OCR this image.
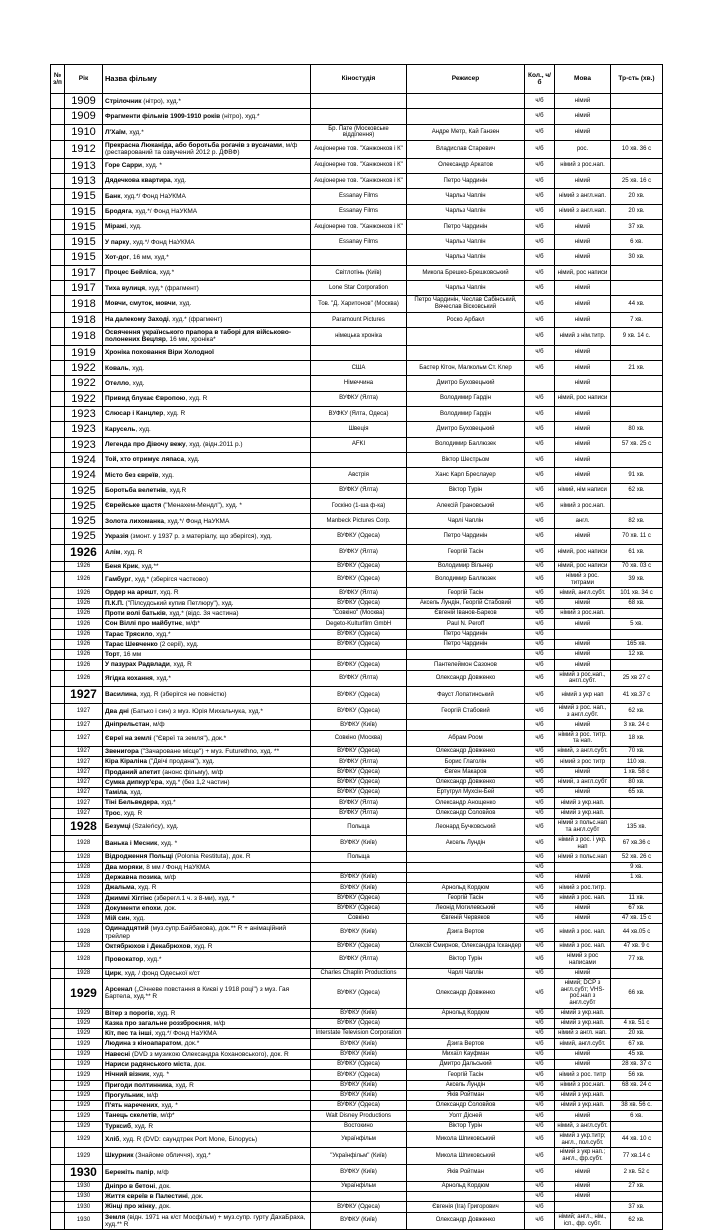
№ з/п	Рік	Назва фільму	Кіностудія	Режисер	Кол., ч/б	Мова	Тр-сть (хв.)
	1909	Стрілочник (нітро), худ.*			ч/б	німий	
	1909	Фрагменти фільмів 1909-1910 років (нітро), худ.*			ч/б	німий	
	1910	Л'Хаїм, худ.*	Бр. Пате (Московське відділення)	Андре Метр, Кай Ганзен	ч/б	німий	
	1912	Прекрасна Люканіда, або боротьба рогачів з вусачами, м/ф (реставрований та озвучений 2012 р. ДФВФ)	Акціонерне тов. "Ханжонков і К"	Владислав Старевич	ч/б	рос.	10 хв. 36 с
	1913	Горе Сарри, худ. *	Акціонерне тов. "Ханжонков і К"	Олександр Аркатов	ч/б	німий з рос.нап.	
	1913	Дядечкова квартира, худ.	Акціонерне тов. "Ханжонков і К"	Петро Чардинін	ч/б	німий	25 хв. 16 с
	1915	Банк, худ.*/ Фонд НаУКМА	Essanay Films	Чарльз Чаплін	ч/б	німий з англ.нап.	20 хв.
	1915	Бродяга, худ.*/ Фонд НаУКМА	Essanay Films	Чарльз Чаплін	ч/б	німий з англ.нап.	20 хв.
	1915	Міражі, худ.	Акціонерне тов. "Ханжонков і К"	Петро Чардинін	ч/б	німий	37 хв.
	1915	У парку, худ.*/ Фонд НаУКМА	Essanay Films	Чарльз Чаплін	ч/б	німий	6 хв.
	1915	Хот-дог, 16 мм, худ.*		Чарльз Чаплін	ч/б	німий	30 хв.
	1917	Процес Бейліса, худ.*	Світлотінь (Київ)	Микола Брешко-Брешковський	ч/б	німий, рос написи	
	1917	Тиха вулиця, худ.* (фрагмент)	Lone Star Corporation	Чарльз Чаплін	ч/б	німий	
	1918	Мовчи, смуток, мовчи, худ.	Тов. "Д. Харитонов" (Москва)	Петро Чардинін, Чеслав Сабінський, Вячеслав Вісковський	ч/б	німий	44 хв.
	1918	На далекому Заході, худ.* (фрагмент)	Paramount Pictures	Роско Арбакл	ч/б	німий	7 хв.
	1918	Освячення українського прапора в таборі для військово-полонених Вецляр, 16 мм, хроніка*	німецька хроніка		ч/б	німий з нім.титр.	9 хв. 14 с.
	1919	Хроніка поховання Віри Холодної			ч/б	німий	
	1922	Коваль, худ.	США	Бастер Кітон, Малкольм Ст. Клер	ч/б	німий	21 хв.
	1922	Отелло, худ.	Німеччина	Дмитро Буховецький		німий	
	1922	Привид блукає Європою, худ. R	ВУФКУ (Ялта)	Володимир Гардін	ч/б	німий, рос написи	
	1923	Слюсар і Канцлер, худ. R	ВУФКУ (Ялта, Одеса)	Володимир Гардін	ч/б	німий	
	1923	Карусель, худ.	Швеція	Дмитро Буховецький	ч/б	німий	80 хв.
	1923	Легенда про Дівочу вежу, худ. (відн.2011 р.)	AFKI	Володимир Баллюзек	ч/б	німий	57 хв. 25 с
	1924	Той, хто отримує ляпаса, худ.		Віктор Шестрьом	ч/б	німий	
	1924	Місто без євреїв, худ.	Австрія	Ханс Карл Бреслауер	ч/б	німий	91 хв.
	1925	Боротьба велетнів, худ.R	ВУФКУ (Ялта)	Віктор Турін	ч/б	німий, нім написи	62 хв.
	1925	Єврейське щастя ("Менахем-Мендл"), худ. *	Госкіно (1-ша ф-ка)	Алексій Грановський	ч/б	німий з рос.нап.	
	1925	Золота лихоманка, худ.*/ Фонд НаУКМА	Manbeck Pictures Corp.	Чарлі Чаплін	ч/б	англ.	82 хв.
	1925	Укразія (змонт. у 1937 р. з матеріалу, що зберігся), худ.	ВУФКУ (Одеса)	Петро Чардинін	ч/б	німий	70 хв. 11 с
	1926	Алім, худ. R	ВУФКУ (Ялта)	Георгій Тасін	ч/б	німий, рос написи	61 хв.
	1926	Беня Крик, худ.**	ВУФКУ (Одеса)	Володимир Вільнер	ч/б	німий, рос написи	70 хв. 03 с
	1926	Гамбург, худ.* (зберігся частково)	ВУФКУ (Одеса)	Володимир Баллюзек	ч/б	німий з рос. титрами	39 хв.
	1926	Ордер на арешт, худ. R	ВУФКУ (Ялта)	Георгій Тасін	ч/б	німий, англ.субт.	101 хв. 34 с
	1926	П.К.П. ("Пілсудський купив Петлюру"), худ.	ВУФКУ (Одеса)	Аксель Лундін, Георгій Стабовий	ч/б	німий	68 хв.
	1926	Проти волі батьків, худ.* (відс. 3я частина)	"Совкіно" (Москва)	Євгеній Іванов-Барков	ч/б	німий з рос.нап.	
	1926	Сон Віллі про майбутнє, м/ф*	Degeto-Kulturfilm GmbH	Paul N. Peroff	ч/б	німий	5 хв.
	1926	Тарас Трясило, худ.*	ВУФКУ (Одеса)	Петро Чардинін	ч/б		
	1926	Тарас Шевченко (2 серії), худ.	ВУФКУ (Одеса)	Петро Чардинін	ч/б	німий	165 хв.
	1926	Торт, 16 мм			ч/б	німий	12 хв.
	1926	У пазурах Радвлади, худ. R	ВУФКУ (Одеса)	Пантелеймон Сазонов	ч/б	німий	
	1926	Ягідка кохання, худ.*	ВУФКУ (Ялта)	Олександр Довженко	ч/б	німий з рос.нап., англ.субт.	25 хв 27 с
	1927	Василина, худ. R (зберігся не повністю)	ВУФКУ (Одеса)	Фауст Лопатинський	ч/б	німий з укр нап	41 хв.37 с
	1927	Два дні (Батько і син) з муз. Юрія Михальчука, худ.*	ВУФКУ (Одеса)	Георгій Стабовий	ч/б	німий з рос. нап., з англ.субт.	62 хв.
	1927	Дніпрельстан, м/ф	ВУФКУ (Київ)		ч/б	німий	3 хв. 24 с
	1927	Євреї на землі ("Євреї та земля"), док.*	Совкіно (Москва)	Абрам Роом	ч/б	німий з рос. титр. та нап.	18 хв.
	1927	Звенигора ("Зачароване місце") + муз. Futurethno, худ. **	ВУФКУ (Одеса)	Олександр Довженко	ч/б	німий, з англ.субт.	70 хв.
	1927	Кіра Кіраліна ("Двічі продана"), худ.	ВУФКУ (Ялта)	Борис Глаголін	ч/б	німий з рос титр	110 хв.
	1927	Проданий апетит (анонс фільму), м/ф	ВУФКУ (Одеса)	Євген Макаров	ч/б	німий	1 хв. 58 с
	1927	Сумка дипкур'єра, худ.* (без 1,2 частин)	ВУФКУ (Одеса)	Олександр Довженко	ч/б	німий, з англ.субт	80 хв.
	1927	Таміла, худ.	ВУФКУ (Одеса)	Ертугрул Мухсін-Бей	ч/б	німий	65 хв.
	1927	Тіні Бельведера, худ.*	ВУФКУ (Ялта)	Олександр Анощенко	ч/б	німий з укр.нап.	
	1927	Трос, худ. R	ВУФКУ (Ялта)	Олександр Соловйов	ч/б	німий з укр.нап.	
	1928	Безумці (Szaleńcy), худ.	Польща	Леонард Бучковський	ч/б	німий з польс.нап та англ.субт	135 хв.
	1928	Ванька і Месник, худ. *	ВУФКУ (Київ)	Аксель Лундін	ч/б	німий з рос. і укр. нап	67 хв.36 с
	1928	Відродження Польщі (Polonia Restituta), док. R	Польща		ч/б	німий з польс.нап	52 хв. 26 с
	1928	Два моряки, 8 мм / Фонд НаУКМА			ч/б		9 хв.
	1928	Державна позика, м/ф	ВУФКУ (Київ)		ч/б	німий	1 хв.
	1928	Джальма, худ. R	ВУФКУ (Київ)	Арнольд Кордюм	ч/б	німий з рос.титр.	
	1928	Джиммі Хіггінс (зберегл.1 ч. з 8-ми), худ. *	ВУФКУ (Одеса)	Георгій Тасін	ч/б	німий з рос. нап.	11 хв.
	1928	Документи епохи, док.	ВУФКУ (Одеса)	Леонід Могилевський	ч/б	німий	67 хв.
	1928	Мій син, худ.	Совкіно	Євгеній Червяков	ч/б	німий	47 хв. 15 с
	1928	Одинадцятий (муз.супр.Байбакова), док.** R + анімаційний трейлер	ВУФКУ (Київ)	Дзига Вертов	ч/б	німий з рос. нап.	44 хв.05 с
	1928	Октябрюхов і Декабрюхов, худ. R	ВУФКУ (Одеса)	Олексій Смирнов, Олександра Іскандер	ч/б	німий з рос. нап.	47 хв. 9 с
	1928	Провокатор, худ.*	ВУФКУ (Ялта)	Віктор Турін	ч/б	німий з рос написами	77 хв.
	1928	Цирк, худ. / фонд Одеської к/ст	Charles Chaplin Productions	Чарлі Чаплін	ч/б	німий	
	1929	Арсенал („Січневе повстання в Києві у 1918 році") з муз. Гая Бартела, худ.** R	ВУФКУ (Одеса)	Олександр Довженко	ч/б	німий; DCP з англ.субт; VHS- рос.нап з англ.субт	66 хв.
	1929	Вітер з порогів, худ. R	ВУФКУ (Київ)	Арнольд Кордюм	ч/б	німий з укр.нап.	
	1929	Казка про загальне роззброєння, м/ф	ВУФКУ (Одеса)		ч/б	німий з укр.нап.	4 хв. 51 с
	1929	Кіт, пес та інші, худ.*/ Фонд НаУКМА	Interstate Television Corporation		ч/б	німий з англ. нап.	20 хв.
	1929	Людина з кіноапаратом, док.*	ВУФКУ (Київ)	Дзига Вертов	ч/б	німий, англ.субт.	67 хв.
	1929	Навесні (DVD з музикою Олександра Кохановського), док. R	ВУФКУ (Київ)	Михаїл Кауфман	ч/б	німий	45 хв.
	1929	Нариси радянського міста, док.	ВУФКУ (Одеса)	Дмитро Дальський	ч/б	німий	28 хв. 37 с
	1929	Нічний візник, худ. *	ВУФКУ (Одеса)	Георгій Тасін	ч/б	німий з рос. титр	56 хв.
	1929	Пригоди полтинника, худ. R	ВУФКУ (Київ)	Аксель Лундін	ч/б	німий з рос.нап.	68 хв. 24 с
	1929	Прогульник, м/ф	ВУФКУ (Київ)	Яків Ройтман	ч/б	німий з укр.нап.	
	1929	П'ять наречених, худ. *	ВУФКУ (Одеса)	Олександр Соловйов	ч/б	німий з укр.нап.	38 хв. 56 с.
	1929	Танець скелетів, м/ф*	Walt Disney Productions	Уолт Дісней	ч/б	німий	6 хв.
	1929	Турксиб, худ. R	Востокино	Віктор Турін	ч/б	німий, з англ.субт.	
	1929	Хліб, худ. R (DVD: саундтрек Port Mone, Білорусь)	Українфільм	Микола Шпиковський	ч/б	німий з укр.титр; англ., пол.субт.	44 хв. 10 с
	1929	Шкурник (Знайоме обличчя), худ.*	"Українфільм" (Київ)	Микола Шпиковський	ч/б	німий з укр нап.; англ., фр.субт.	77 хв.14 с
	1930	Бережіть папір, м/ф	ВУФКУ (Київ)	Яків Ройтман	ч/б	німий	2 хв. 52 с
	1930	Дніпро в бетоні, док.	Українфільм	Арнольд Кордюм	ч/б	німий	27 хв.
	1930	Життя євреїв в Палестині, док.			ч/б	німий	
	1930	Жінці про жінку, док.	ВУФКУ (Одеса)	Євгенія (Іга) Григорович	ч/б		37 хв.
	1930	Земля (відн. 1971 на к/ст Мосфільм) + муз.супр. гурту ДахаБраха, худ.** R	ВУФКУ (Київ)	Олександр Довженко	ч/б	німий; англ., нім., ісп., фр. субт.	62 хв.
